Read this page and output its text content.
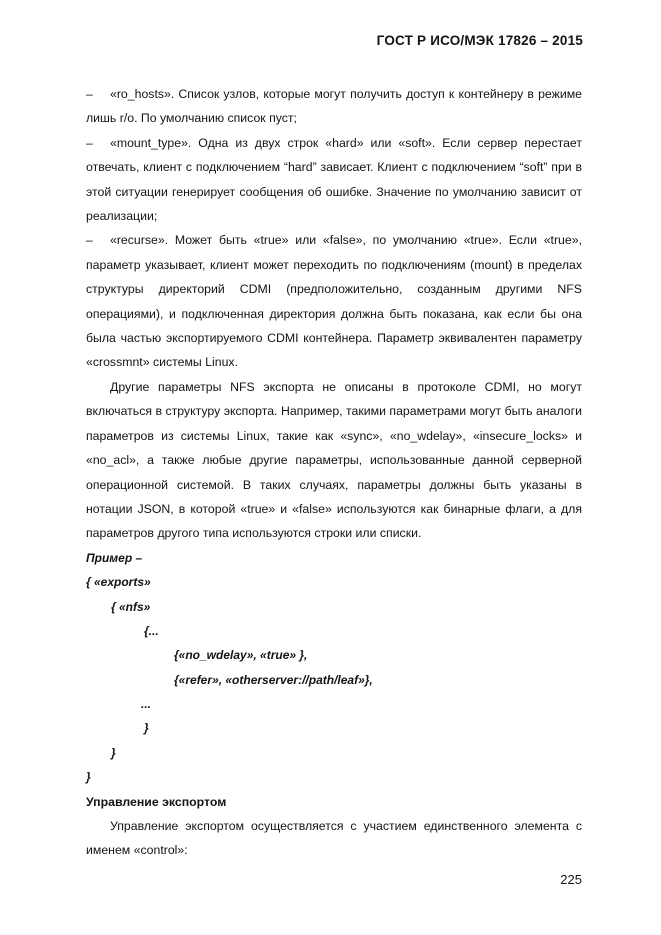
ГОСТ Р ИСО/МЭК 17826 – 2015

– «ro_hosts». Список узлов, которые могут получить доступ к контейнеру в режиме лишь r/o. По умолчанию список пуст;

– «mount_type». Одна из двух строк «hard» или «soft». Если сервер перестает отвечать, клиент с подключением “hard” зависает. Клиент с подключением “soft” при в этой ситуации генерирует сообщения об ошибке. Значение по умолчанию зависит от реализации;

– «recurse». Может быть «true» или «false», по умолчанию «true». Если «true», параметр указывает, клиент может переходить по подключениям (mount) в пределах структуры директорий CDMI (предположительно, созданным другими NFS операциями), и подключенная директория должна быть показана, как если бы она была частью экспортируемого CDMI контейнера. Параметр эквивалентен параметру «crossmnt» системы Linux.

Другие параметры NFS экспорта не описаны в протоколе CDMI, но могут включаться в структуру экспорта. Например, такими параметрами могут быть аналоги параметров из системы Linux, такие как «sync», «no_wdelay», «insecure_locks» и «no_acl», а также любые другие параметры, использованные данной серверной операционной системой. В таких случаях, параметры должны быть указаны в нотации JSON, в которой «true» и «false» используются как бинарные флаги, а для параметров другого типа используются строки или списки.

Пример –
{ «exports»
{ «nfs»
{...
{«no_wdelay», «true» },
{«refer», «otherserver://path/leaf»},
...
}
}
}
Управление экспортом

Управление экспортом осуществляется с участием единственного элемента с именем «control»:

225
